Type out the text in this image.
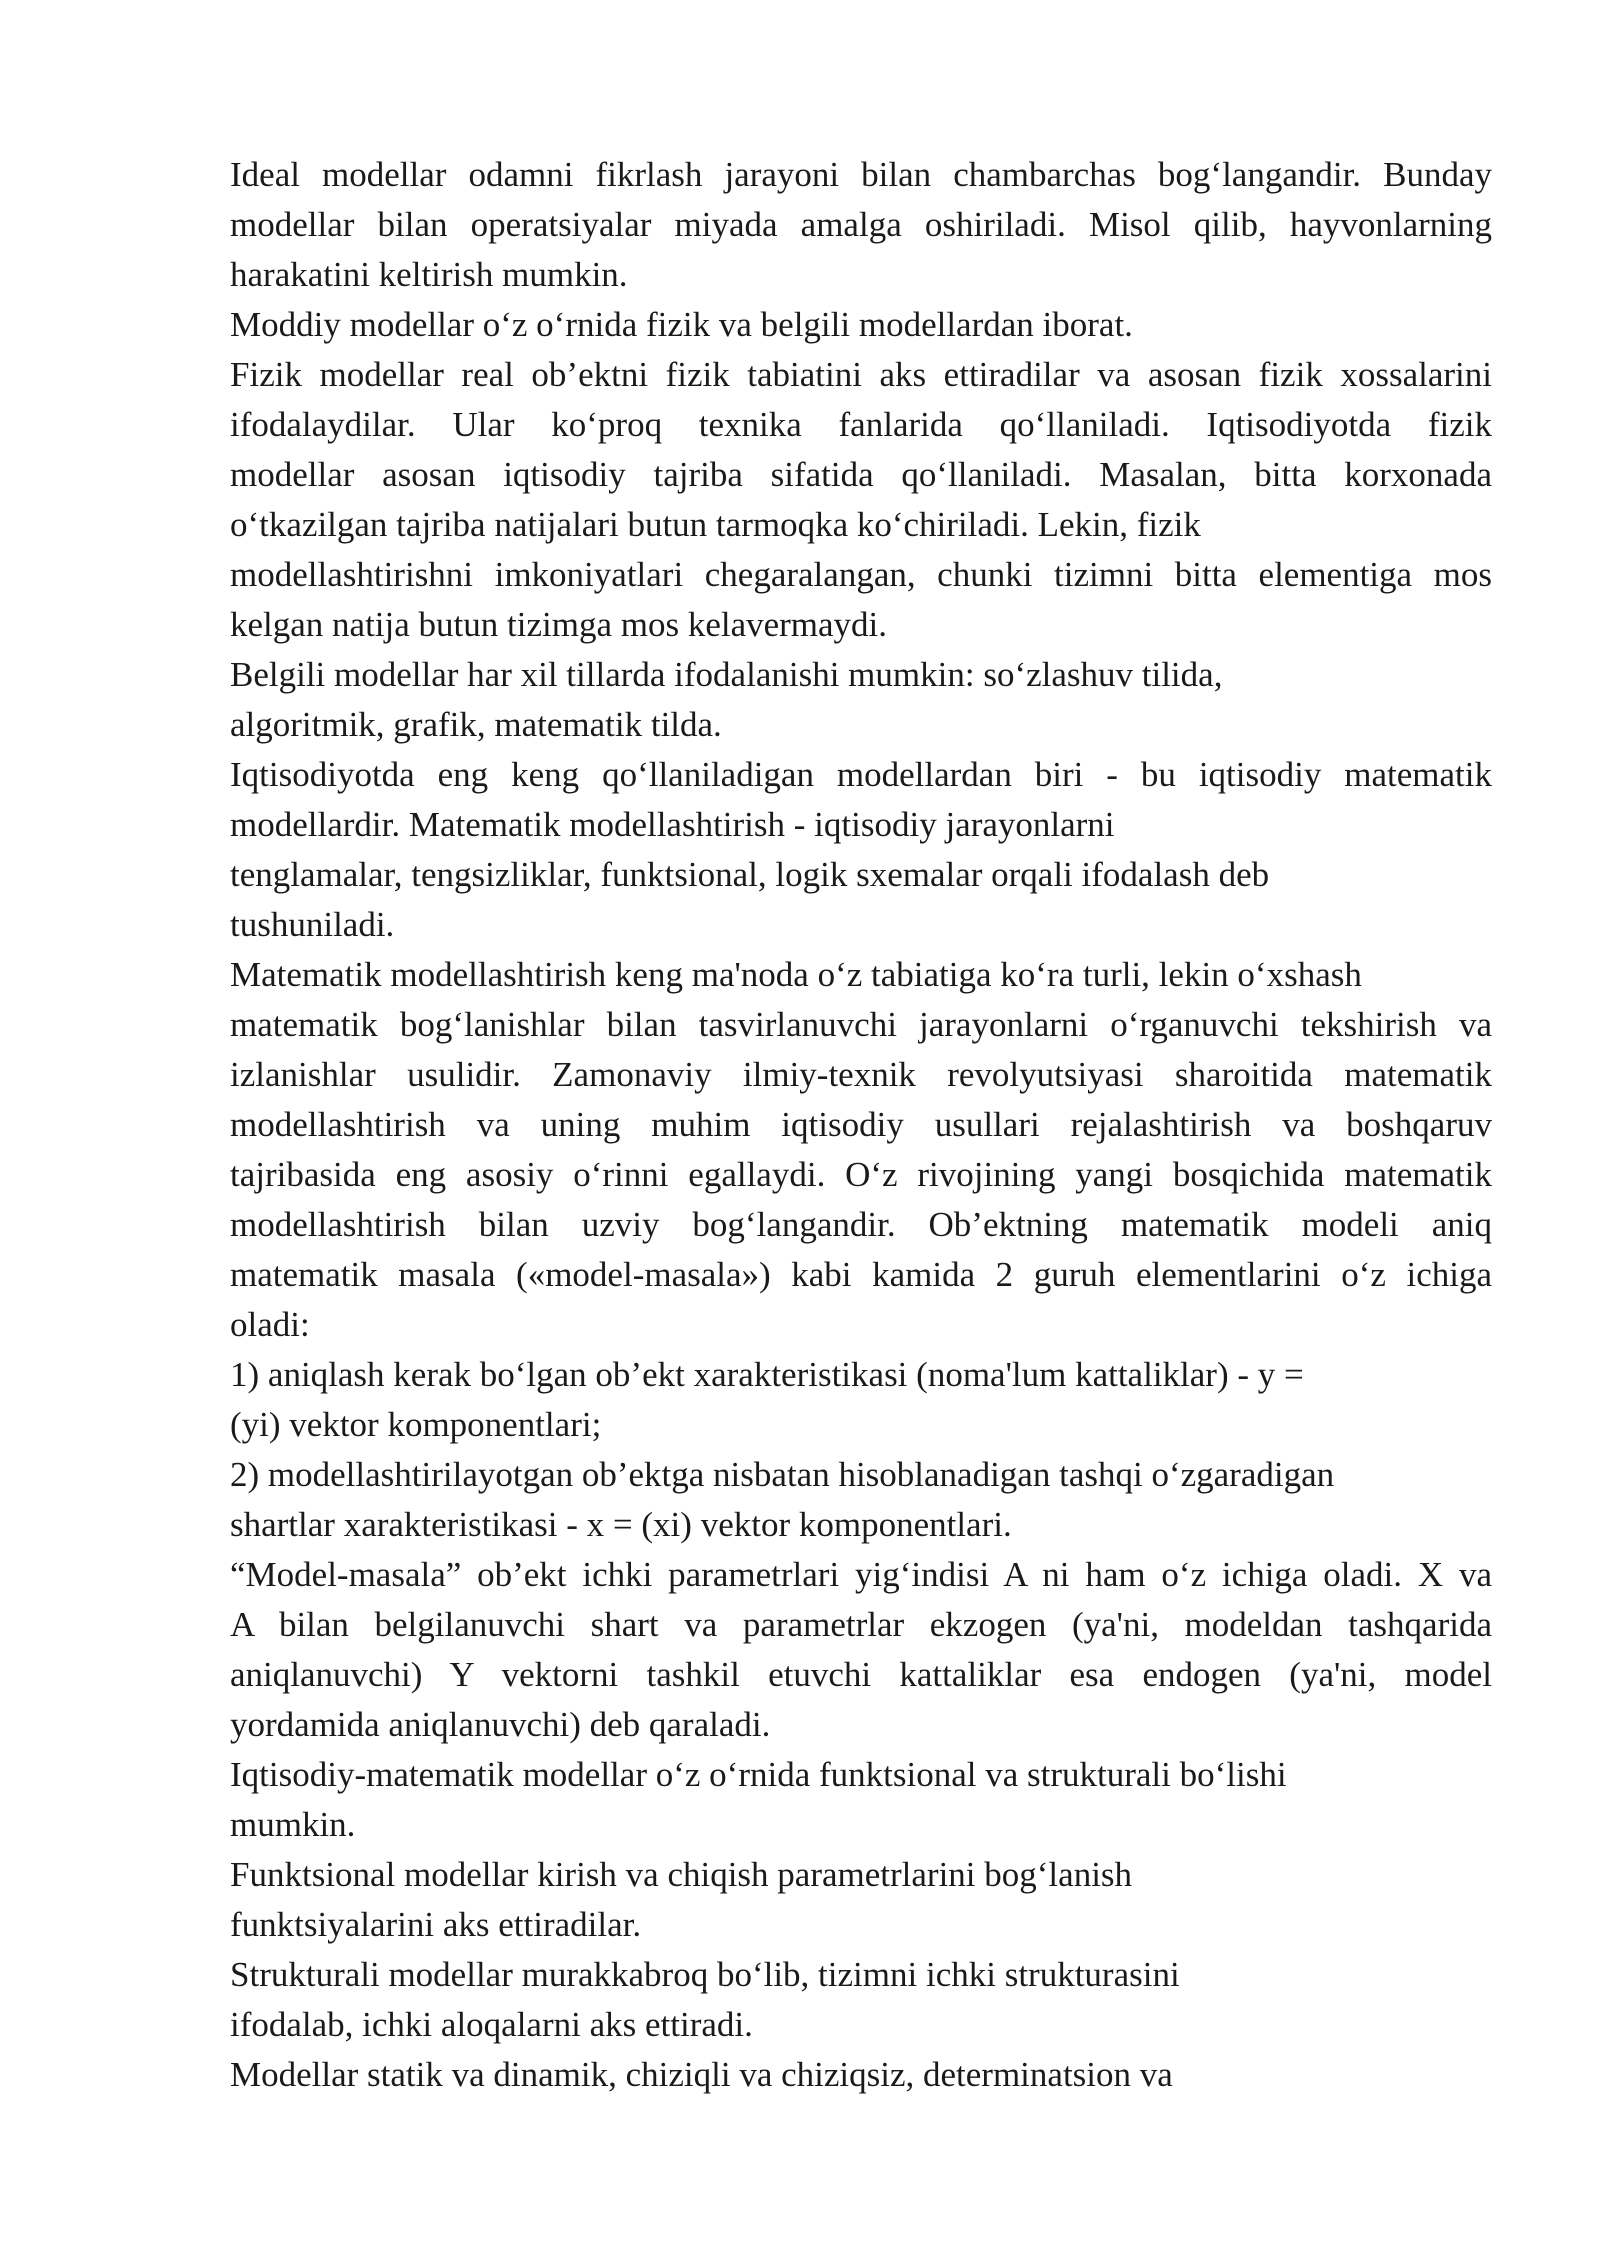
Ideal modellar odamni fikrlash jarayoni bilan chambarchas bog‘langandir. Bunday
modellar bilan operatsiyalar miyada amalga oshiriladi. Misol qilib, hayvonlarning
harakatini keltirish mumkin.
Moddiy modellar o‘z o‘rnida fizik va belgili modellardan iborat.
Fizik modellar real ob’ektni fizik tabiatini aks ettiradilar va asosan fizik xossalarini
ifodalaydilar. Ular ko‘proq texnika fanlarida qo‘llaniladi. Iqtisodiyotda fizik
modellar asosan iqtisodiy tajriba sifatida qo‘llaniladi. Masalan, bitta korxonada
o‘tkazilgan tajriba natijalari butun tarmoqka ko‘chiriladi. Lekin, fizik
modellashtirishni imkoniyatlari chegaralangan, chunki tizimni bitta elementiga mos
kelgan natija butun tizimga mos kelavermaydi.
Belgili modellar har xil tillarda ifodalanishi mumkin: so‘zlashuv tilida,
algoritmik, grafik, matematik tilda.
Iqtisodiyotda eng keng qo‘llaniladigan modellardan biri - bu iqtisodiy matematik
modellardir. Matematik modellashtirish - iqtisodiy jarayonlarni
tenglamalar, tengsizliklar, funktsional, logik sxemalar orqali ifodalash deb
tushuniladi.
Matematik modellashtirish keng ma'noda o‘z tabiatiga ko‘ra turli, lekin o‘xshash
matematik bog‘lanishlar bilan tasvirlanuvchi jarayonlarni o‘rganuvchi tekshirish va
izlanishlar usulidir. Zamonaviy ilmiy-texnik revolyutsiyasi sharoitida matematik
modellashtirish va uning muhim iqtisodiy usullari rejalashtirish va boshqaruv
tajribasida eng asosiy o‘rinni egallaydi. O‘z rivojining yangi bosqichida matematik
modellashtirish bilan uzviy bog‘langandir. Ob’ektning matematik modeli aniq
matematik masala («model-masala») kabi kamida 2 guruh elementlarini o‘z ichiga
oladi:
1) aniqlash kerak bo‘lgan ob’ekt xarakteristikasi (noma'lum kattaliklar) - y =
(yi) vektor komponentlari;
2) modellashtirilayotgan ob’ektga nisbatan hisoblanadigan tashqi o‘zgaradigan
shartlar xarakteristikasi - x = (xi) vektor komponentlari.
“Model-masala” ob’ekt ichki parametrlari yig‘indisi A ni ham o‘z ichiga oladi. X va
A bilan belgilanuvchi shart va parametrlar ekzogen (ya'ni, modeldan tashqarida
aniqlanuvchi) Y vektorni tashkil etuvchi kattaliklar esa endogen (ya'ni, model
yordamida aniqlanuvchi) deb qaraladi.
Iqtisodiy-matematik modellar o‘z o‘rnida funktsional va strukturali bo‘lishi
mumkin.
Funktsional modellar kirish va chiqish parametrlarini bog‘lanish
funktsiyalarini aks ettiradilar.
Strukturali modellar murakkabroq bo‘lib, tizimni ichki strukturasini
ifodalab, ichki aloqalarni aks ettiradi.
Modellar statik va dinamik, chiziqli va chiziqsiz, determinatsion va
